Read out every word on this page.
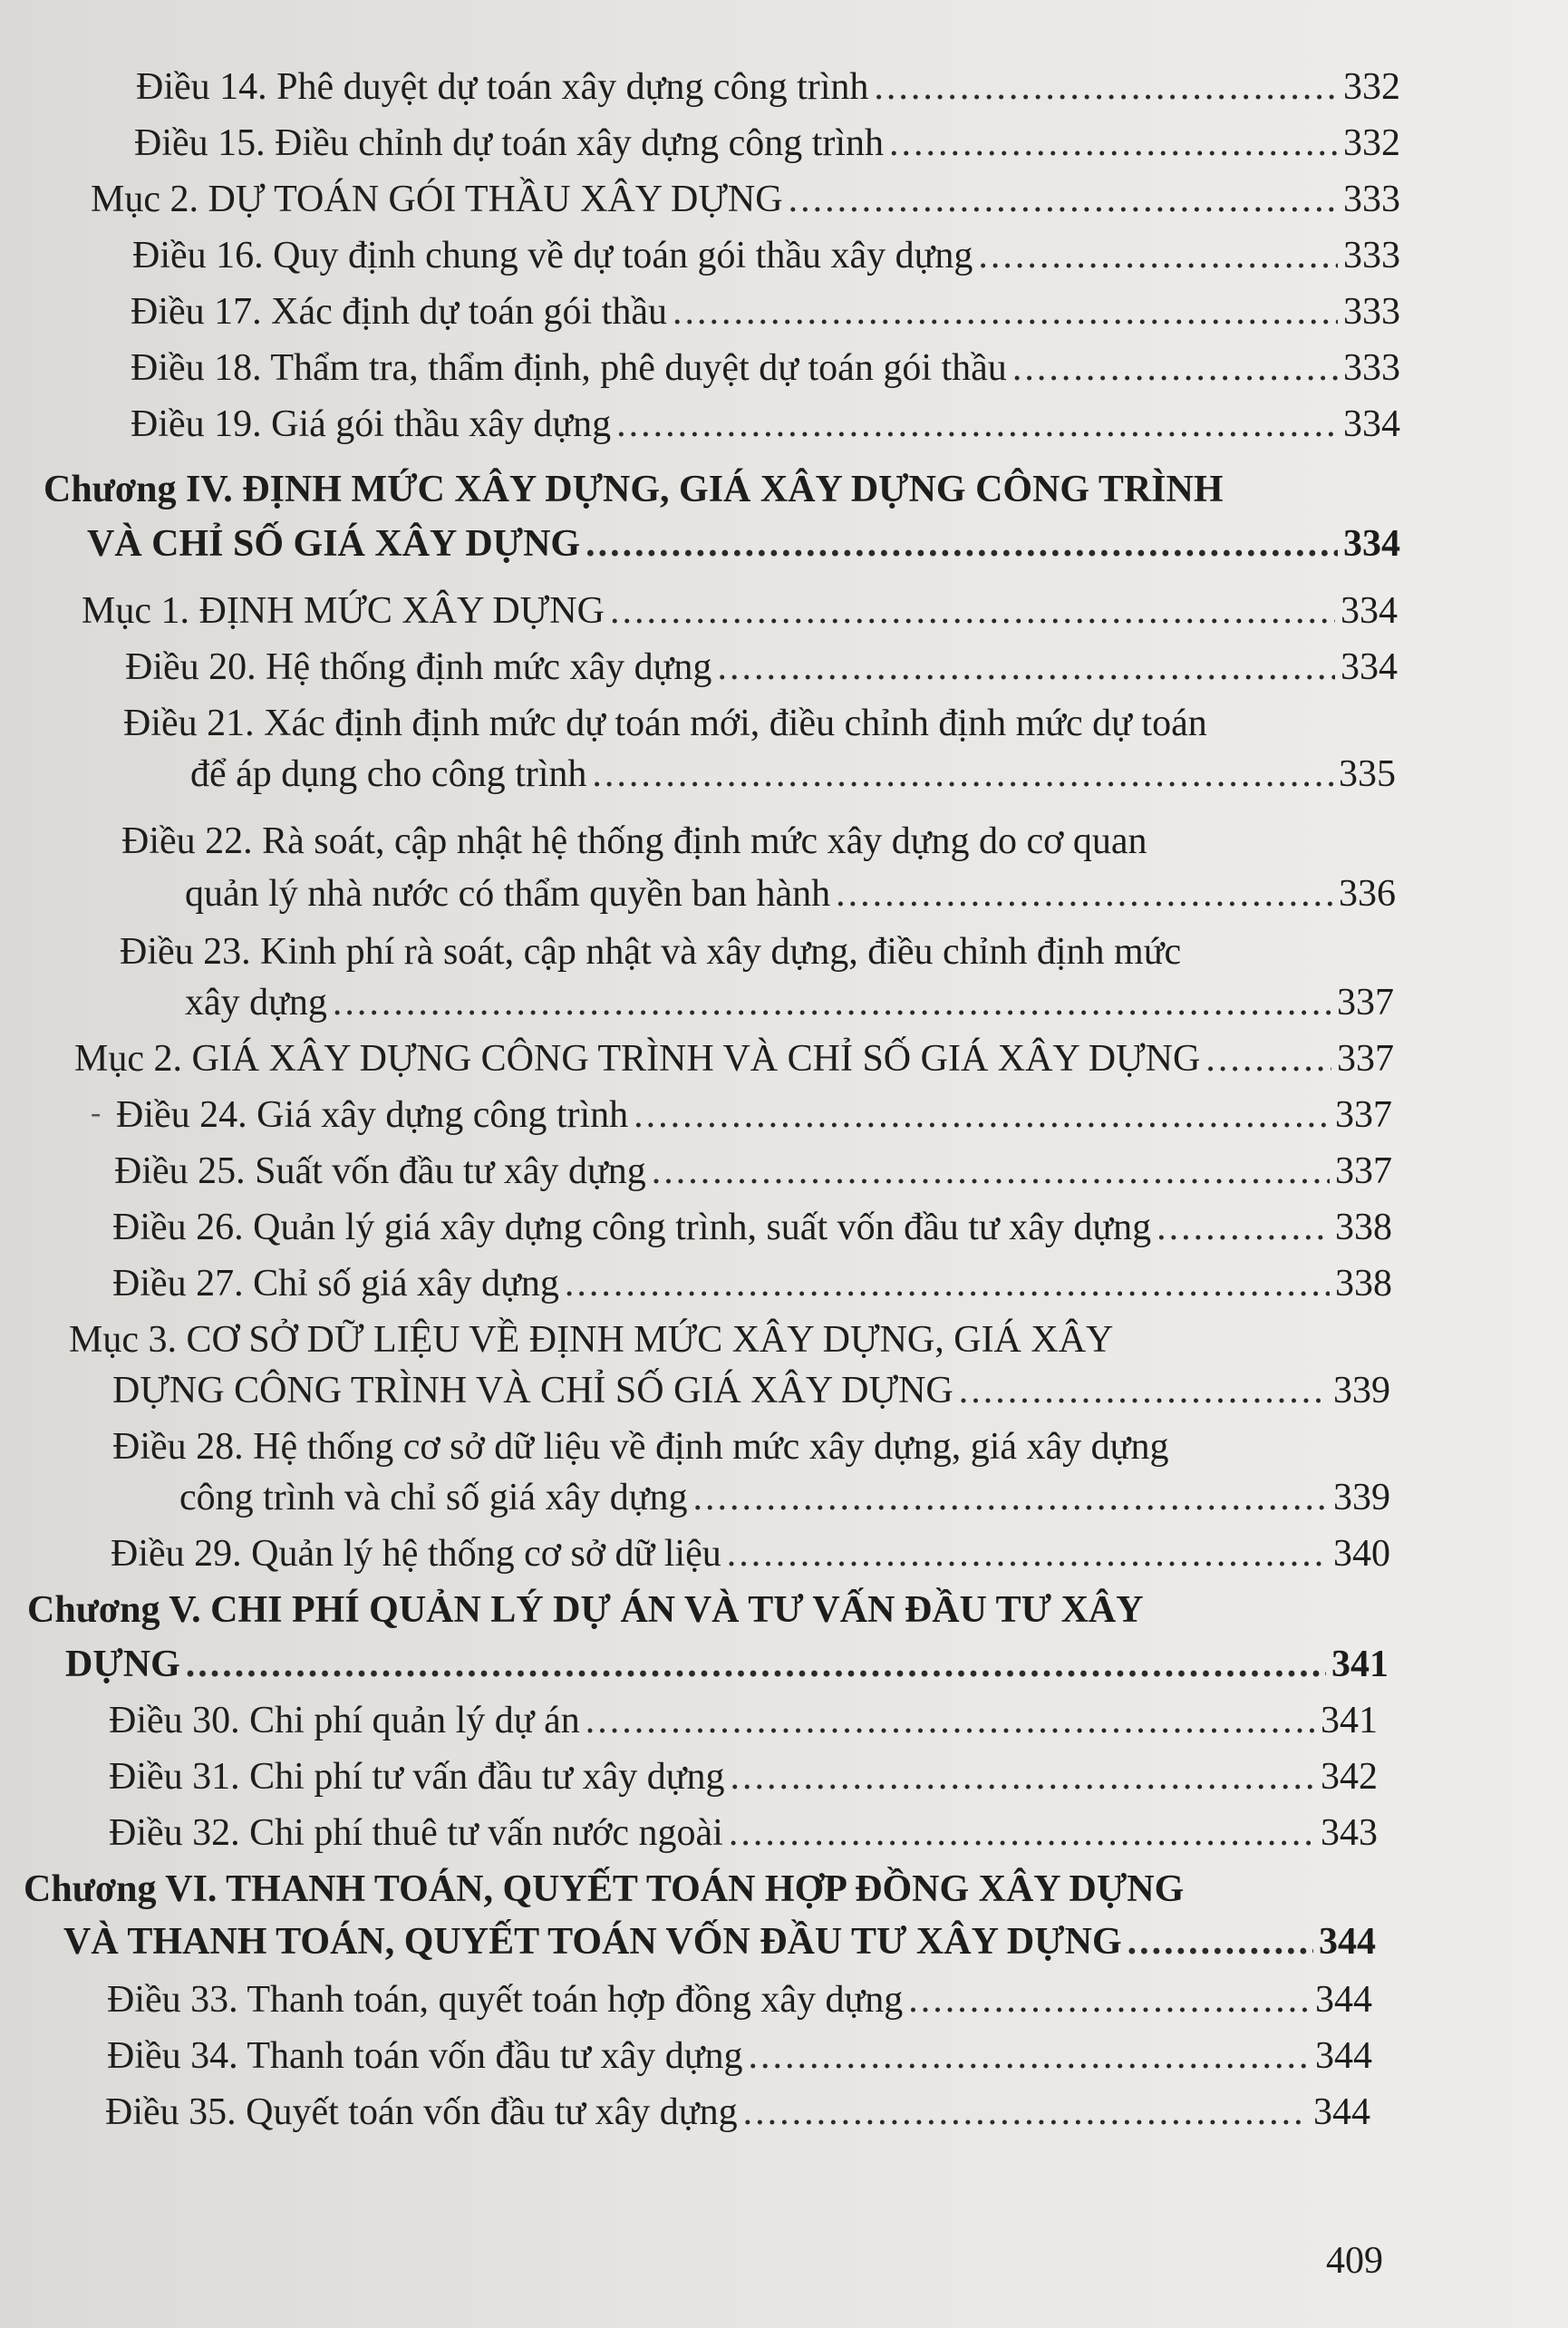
Điều 14. Phê duyệt dự toán xây dựng công trình .....	332
Điều 15. Điều chỉnh dự toán xây dựng công trình .....	332
Mục 2. DỰ TOÁN GÓI THẦU XÂY DỰNG .....	333
Điều 16. Quy định chung về dự toán gói thầu xây dựng .....	333
Điều 17. Xác định dự toán gói thầu .....	333
Điều 18. Thẩm tra, thẩm định, phê duyệt dự toán gói thầu .....	333
Điều 19. Giá gói thầu xây dựng .....	334
Chương IV. ĐỊNH MỨC XÂY DỰNG, GIÁ XÂY DỰNG CÔNG TRÌNH
VÀ CHỈ SỐ GIÁ XÂY DỰNG .....	334
Mục 1. ĐỊNH MỨC XÂY DỰNG .....	334
Điều 20. Hệ thống định mức xây dựng .....	334
Điều 21. Xác định định mức dự toán mới, điều chỉnh định mức dự toán
để áp dụng cho công trình .....	335
Điều 22. Rà soát, cập nhật hệ thống định mức xây dựng do cơ quan
quản lý nhà nước có thẩm quyền ban hành .....	336
Điều 23. Kinh phí rà soát, cập nhật và xây dựng, điều chỉnh định mức
xây dựng .....	337
Mục 2. GIÁ XÂY DỰNG CÔNG TRÌNH VÀ CHỈ SỐ GIÁ XÂY DỰNG .....	337
- Điều 24. Giá xây dựng công trình .....	337
Điều 25. Suất vốn đầu tư xây dựng .....	337
Điều 26. Quản lý giá xây dựng công trình, suất vốn đầu tư xây dựng .....	338
Điều 27. Chỉ số giá xây dựng .....	338
Mục 3. CƠ SỞ DỮ LIỆU VỀ ĐỊNH MỨC XÂY DỰNG, GIÁ XÂY
DỰNG CÔNG TRÌNH VÀ CHỈ SỐ GIÁ XÂY DỰNG .....	339
Điều 28. Hệ thống cơ sở dữ liệu về định mức xây dựng, giá xây dựng
công trình và chỉ số giá xây dựng .....	339
Điều 29. Quản lý hệ thống cơ sở dữ liệu .....	340
Chương V. CHI PHÍ QUẢN LÝ DỰ ÁN VÀ TƯ VẤN ĐẦU TƯ XÂY
DỰNG .....	341
Điều 30. Chi phí quản lý dự án .....	341
Điều 31. Chi phí tư vấn đầu tư xây dựng .....	342
Điều 32. Chi phí thuê tư vấn nước ngoài .....	343
Chương VI. THANH TOÁN, QUYẾT TOÁN HỢP ĐỒNG XÂY DỰNG
VÀ THANH TOÁN, QUYẾT TOÁN VỐN ĐẦU TƯ XÂY DỰNG .....	344
Điều 33. Thanh toán, quyết toán hợp đồng xây dựng .....	344
Điều 34. Thanh toán vốn đầu tư xây dựng .....	344
Điều 35. Quyết toán vốn đầu tư xây dựng .....	344
409
